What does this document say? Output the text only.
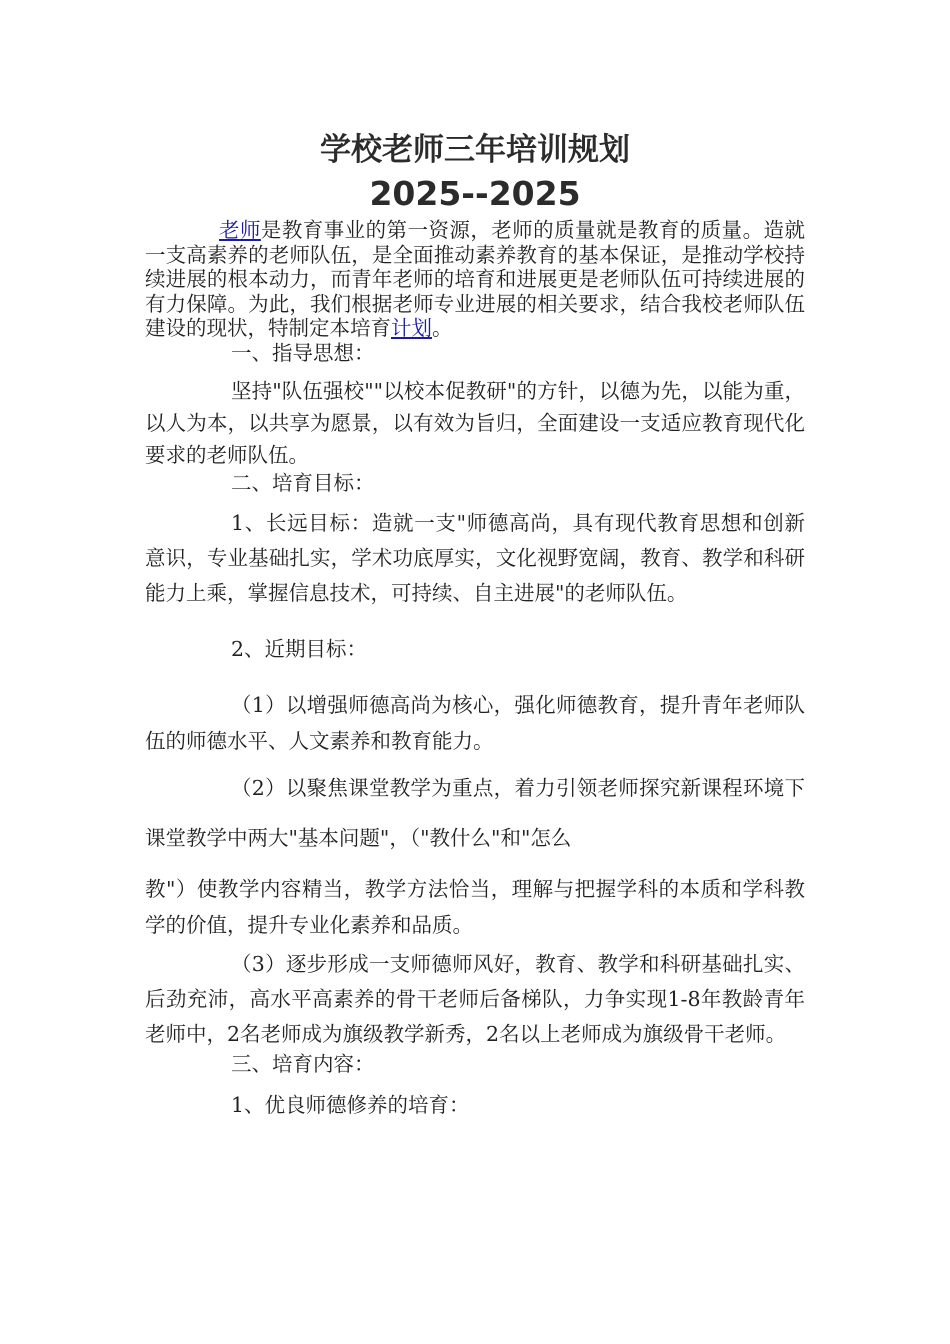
学校老师三年培训规划
2025--2025

老师是教育事业的第一资源，老师的质量就是教育的质量。造就一支高素养的老师队伍，是全面推动素养教育的基本保证，是推动学校持续进展的根本动力，而青年老师的培育和进展更是老师队伍可持续进展的有力保障。为此，我们根据老师专业进展的相关要求，结合我校老师队伍建设的现状，特制定本培育计划。

一、指导思想：

坚持"队伍强校""以校本促教研"的方针，以德为先，以能为重，以人为本，以共享为愿景，以有效为旨归，全面建设一支适应教育现代化要求的老师队伍。

二、培育目标：

1、长远目标：造就一支"师德高尚，具有现代教育思想和创新意识，专业基础扎实，学术功底厚实，文化视野宽阔，教育、教学和科研能力上乘，掌握信息技术，可持续、自主进展"的老师队伍。

2、近期目标：

（1）以增强师德高尚为核心，强化师德教育，提升青年老师队伍的师德水平、人文素养和教育能力。

（2）以聚焦课堂教学为重点，着力引领老师探究新课程环境下课堂教学中两大"基本问题"，（"教什么"和"怎么

教"）使教学内容精当，教学方法恰当，理解与把握学科的本质和学科教学的价值，提升专业化素养和品质。

（3）逐步形成一支师德师风好，教育、教学和科研基础扎实、后劲充沛，高水平高素养的骨干老师后备梯队，力争实现1-8年教龄青年老师中，2名老师成为旗级教学新秀，2名以上老师成为旗级骨干老师。

三、培育内容：

1、优良师德修养的培育：
